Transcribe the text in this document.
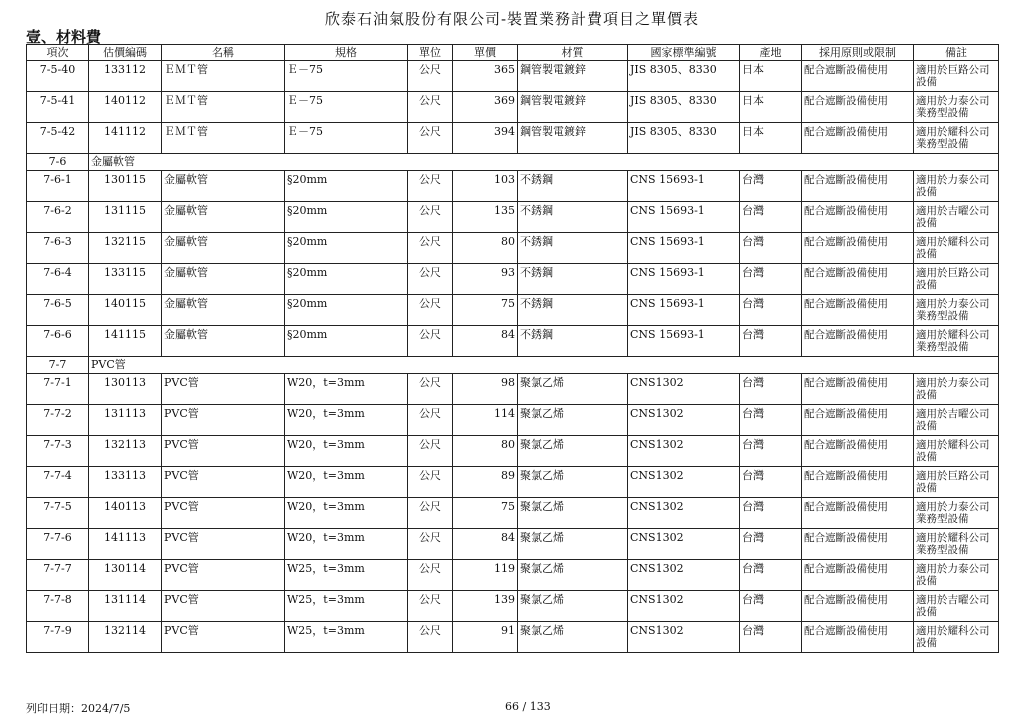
欣泰石油氣股份有限公司-裝置業務計費項目之單價表
壹、材料費
項次	估價編碼	名稱	規格	單位	單價	材質	國家標準編號	產地	採用原則或限制	備註
7-5-40	133112	ＥＭＴ管	Ｅ－75	公尺	365	鋼管製電鍍鋅	JIS 8305、8330	日本	配合遮斷設備使用	適用於巨路公司設備
7-5-41	140112	ＥＭＴ管	Ｅ－75	公尺	369	鋼管製電鍍鋅	JIS 8305、8330	日本	配合遮斷設備使用	適用於力泰公司業務型設備
7-5-42	141112	ＥＭＴ管	Ｅ－75	公尺	394	鋼管製電鍍鋅	JIS 8305、8330	日本	配合遮斷設備使用	適用於耀科公司業務型設備
7-6	金屬軟管									
7-6-1	130115	金屬軟管	§20mm	公尺	103	不銹鋼	CNS 15693-1	台灣	配合遮斷設備使用	適用於力泰公司設備
7-6-2	131115	金屬軟管	§20mm	公尺	135	不銹鋼	CNS 15693-1	台灣	配合遮斷設備使用	適用於吉曜公司設備
7-6-3	132115	金屬軟管	§20mm	公尺	80	不銹鋼	CNS 15693-1	台灣	配合遮斷設備使用	適用於耀科公司設備
7-6-4	133115	金屬軟管	§20mm	公尺	93	不銹鋼	CNS 15693-1	台灣	配合遮斷設備使用	適用於巨路公司設備
7-6-5	140115	金屬軟管	§20mm	公尺	75	不銹鋼	CNS 15693-1	台灣	配合遮斷設備使用	適用於力泰公司業務型設備
7-6-6	141115	金屬軟管	§20mm	公尺	84	不銹鋼	CNS 15693-1	台灣	配合遮斷設備使用	適用於耀科公司業務型設備
7-7	PVC管									
7-7-1	130113	PVC管	W20，t=3mm	公尺	98	聚氯乙烯	CNS1302	台灣	配合遮斷設備使用	適用於力泰公司設備
7-7-2	131113	PVC管	W20，t=3mm	公尺	114	聚氯乙烯	CNS1302	台灣	配合遮斷設備使用	適用於吉曜公司設備
7-7-3	132113	PVC管	W20，t=3mm	公尺	80	聚氯乙烯	CNS1302	台灣	配合遮斷設備使用	適用於耀科公司設備
7-7-4	133113	PVC管	W20，t=3mm	公尺	89	聚氯乙烯	CNS1302	台灣	配合遮斷設備使用	適用於巨路公司設備
7-7-5	140113	PVC管	W20，t=3mm	公尺	75	聚氯乙烯	CNS1302	台灣	配合遮斷設備使用	適用於力泰公司業務型設備
7-7-6	141113	PVC管	W20，t=3mm	公尺	84	聚氯乙烯	CNS1302	台灣	配合遮斷設備使用	適用於耀科公司業務型設備
7-7-7	130114	PVC管	W25，t=3mm	公尺	119	聚氯乙烯	CNS1302	台灣	配合遮斷設備使用	適用於力泰公司設備
7-7-8	131114	PVC管	W25，t=3mm	公尺	139	聚氯乙烯	CNS1302	台灣	配合遮斷設備使用	適用於吉曜公司設備
7-7-9	132114	PVC管	W25，t=3mm	公尺	91	聚氯乙烯	CNS1302	台灣	配合遮斷設備使用	適用於耀科公司設備
列印日期：2024/7/5	66 / 133
